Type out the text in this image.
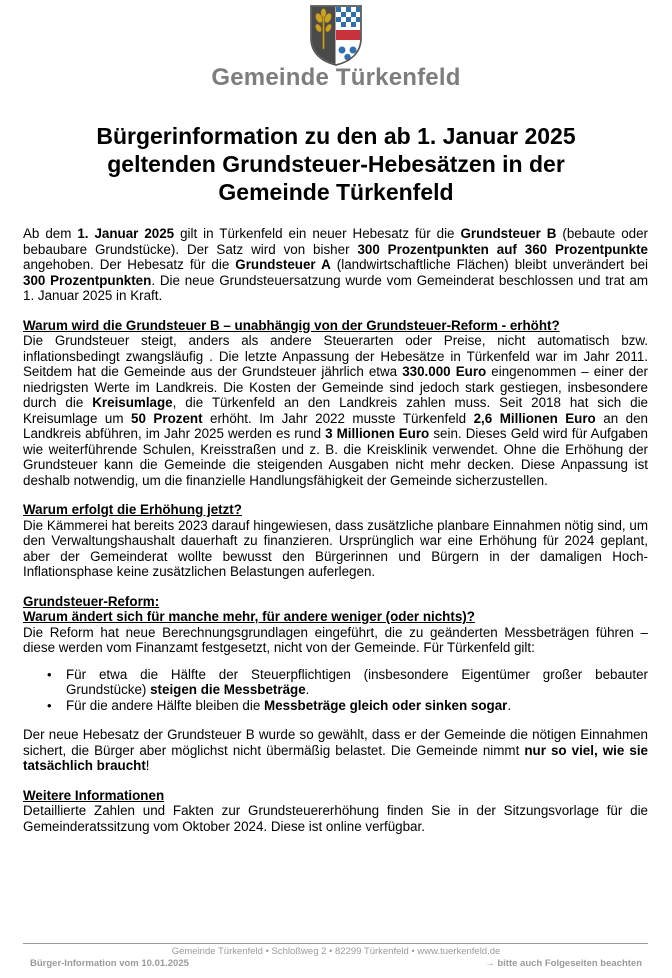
Gemeinde Türkenfeld

Bürgerinformation zu den ab 1. Januar 2025
geltenden Grundsteuer-Hebesätzen in der
Gemeinde Türkenfeld

Ab dem 1. Januar 2025 gilt in Türkenfeld ein neuer Hebesatz für die Grundsteuer B (bebaute oder bebaubare Grundstücke). Der Satz wird von bisher 300 Prozentpunkten auf 360 Prozentpunkte angehoben. Der Hebesatz für die Grundsteuer A (landwirtschaftliche Flächen) bleibt unverändert bei 300 Prozentpunkten. Die neue Grundsteuersatzung wurde vom Gemeinderat beschlossen und trat am 1. Januar 2025 in Kraft.

Warum wird die Grundsteuer B – unabhängig von der Grundsteuer-Reform - erhöht?

Die Grundsteuer steigt, anders als andere Steuerarten oder Preise, nicht automatisch bzw. inflationsbedingt zwangsläufig . Die letzte Anpassung der Hebesätze in Türkenfeld war im Jahr 2011. Seitdem hat die Gemeinde aus der Grundsteuer jährlich etwa 330.000 Euro eingenommen – einer der niedrigsten Werte im Landkreis. Die Kosten der Gemeinde sind jedoch stark gestiegen, insbesondere durch die Kreisumlage, die Türkenfeld an den Landkreis zahlen muss. Seit 2018 hat sich die Kreisumlage um 50 Prozent erhöht. Im Jahr 2022 musste Türkenfeld 2,6 Millionen Euro an den Landkreis abführen, im Jahr 2025 werden es rund 3 Millionen Euro sein. Dieses Geld wird für Aufgaben wie weiterführende Schulen, Kreisstraßen und z. B. die Kreisklinik verwendet. Ohne die Erhöhung der Grundsteuer kann die Gemeinde die steigenden Ausgaben nicht mehr decken. Diese Anpassung ist deshalb notwendig, um die finanzielle Handlungsfähigkeit der Gemeinde sicherzustellen.

Warum erfolgt die Erhöhung jetzt?

Die Kämmerei hat bereits 2023 darauf hingewiesen, dass zusätzliche planbare Einnahmen nötig sind, um den Verwaltungshaushalt dauerhaft zu finanzieren. Ursprünglich war eine Erhöhung für 2024 geplant, aber der Gemeinderat wollte bewusst den Bürgerinnen und Bürgern in der damaligen Hoch-Inflationsphase keine zusätzlichen Belastungen auferlegen.

Grundsteuer-Reform:
Warum ändert sich für manche mehr, für andere weniger (oder nichts)?

Die Reform hat neue Berechnungsgrundlagen eingeführt, die zu geänderten Messbeträgen führen – diese werden vom Finanzamt festgesetzt, nicht von der Gemeinde. Für Türkenfeld gilt:

• Für etwa die Hälfte der Steuerpflichtigen (insbesondere Eigentümer großer bebauter Grundstücke) steigen die Messbeträge.
• Für die andere Hälfte bleiben die Messbeträge gleich oder sinken sogar.

Der neue Hebesatz der Grundsteuer B wurde so gewählt, dass er der Gemeinde die nötigen Einnahmen sichert, die Bürger aber möglichst nicht übermäßig belastet. Die Gemeinde nimmt nur so viel, wie sie tatsächlich braucht!

Weitere Informationen

Detaillierte Zahlen und Fakten zur Grundsteuererhöhung finden Sie in der Sitzungsvorlage für die Gemeinderatssitzung vom Oktober 2024. Diese ist online verfügbar.

Gemeinde Türkenfeld • Schloßweg 2 • 82299 Türkenfeld • www.tuerkenfeld.de

Bürger-Information vom 10.01.2025	→ bitte auch Folgeseiten beachten
